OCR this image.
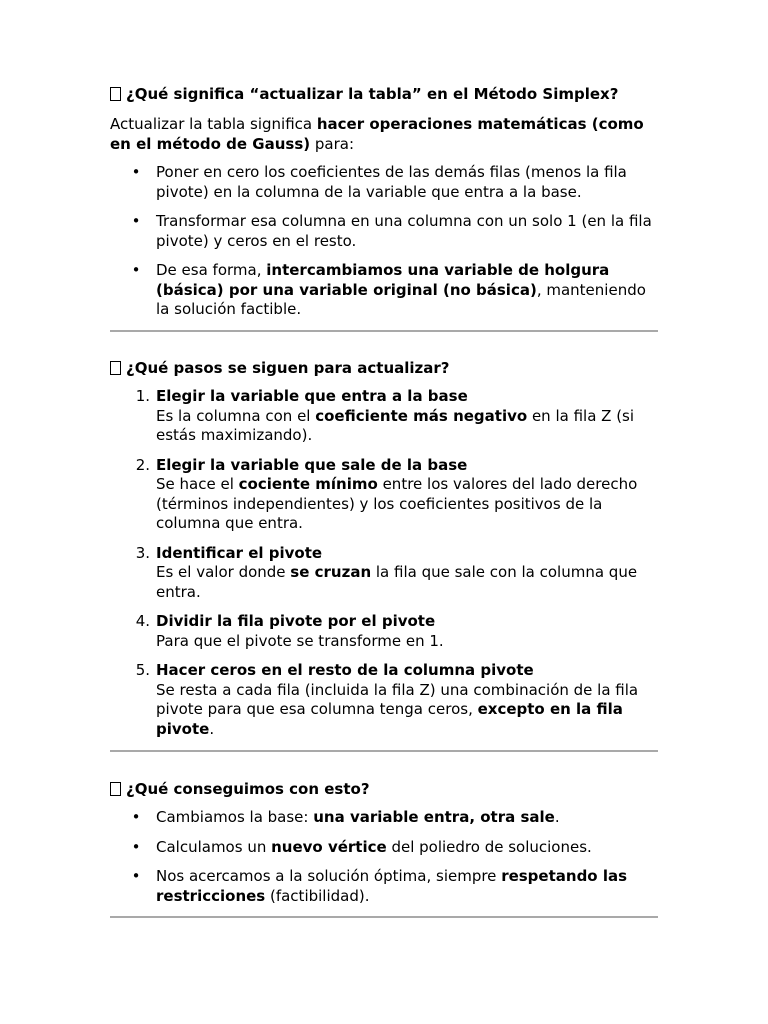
¿Qué significa “actualizar la tabla” en el Método Simplex?

Actualizar la tabla significa hacer operaciones matemáticas (como en el método de Gauss) para:

• Poner en cero los coeficientes de las demás filas (menos la fila pivote) en la columna de la variable que entra a la base.
• Transformar esa columna en una columna con un solo 1 (en la fila pivote) y ceros en el resto.
• De esa forma, intercambiamos una variable de holgura (básica) por una variable original (no básica), manteniendo la solución factible.
¿Qué pasos se siguen para actualizar?
1. Elegir la variable que entra a la base
Es la columna con el coeficiente más negativo en la fila Z (si estás maximizando).
2. Elegir la variable que sale de la base
Se hace el cociente mínimo entre los valores del lado derecho (términos independientes) y los coeficientes positivos de la columna que entra.
3. Identificar el pivote
Es el valor donde se cruzan la fila que sale con la columna que entra.
4. Dividir la fila pivote por el pivote
Para que el pivote se transforme en 1.
5. Hacer ceros en el resto de la columna pivote
Se resta a cada fila (incluida la fila Z) una combinación de la fila pivote para que esa columna tenga ceros, excepto en la fila pivote.
¿Qué conseguimos con esto?
• Cambiamos la base: una variable entra, otra sale.
• Calculamos un nuevo vértice del poliedro de soluciones.
• Nos acercamos a la solución óptima, siempre respetando las restricciones (factibilidad).
